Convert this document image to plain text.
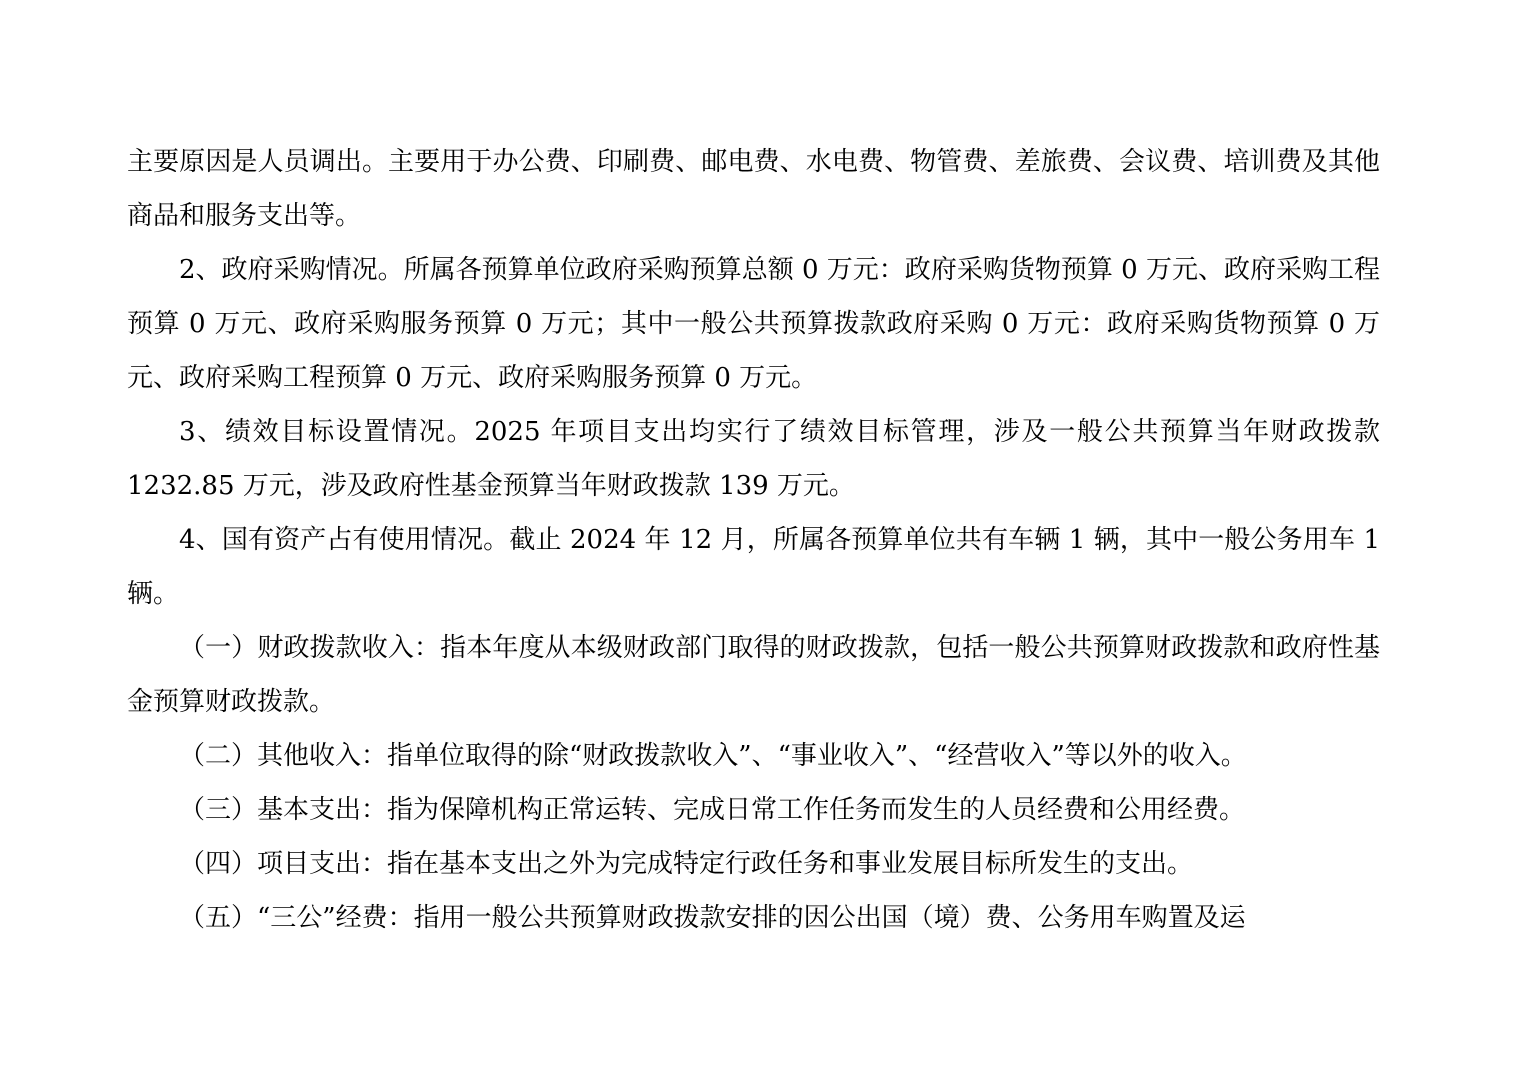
主要原因是人员调出。主要用于办公费、印刷费、邮电费、水电费、物管费、差旅费、会议费、培训费及其他商品和服务支出等。

2、政府采购情况。所属各预算单位政府采购预算总额 0 万元：政府采购货物预算 0 万元、政府采购工程预算 0 万元、政府采购服务预算 0 万元；其中一般公共预算拨款政府采购 0 万元：政府采购货物预算 0 万元、政府采购工程预算 0 万元、政府采购服务预算 0 万元。

3、绩效目标设置情况。2025 年项目支出均实行了绩效目标管理，涉及一般公共预算当年财政拨款 1232.85 万元，涉及政府性基金预算当年财政拨款 139 万元。

4、国有资产占有使用情况。截止 2024 年 12 月，所属各预算单位共有车辆 1 辆，其中一般公务用车 1 辆。

（一）财政拨款收入：指本年度从本级财政部门取得的财政拨款，包括一般公共预算财政拨款和政府性基金预算财政拨款。

（二）其他收入：指单位取得的除“财政拨款收入”、“事业收入”、“经营收入”等以外的收入。

（三）基本支出：指为保障机构正常运转、完成日常工作任务而发生的人员经费和公用经费。

（四）项目支出：指在基本支出之外为完成特定行政任务和事业发展目标所发生的支出。

（五）“三公”经费：指用一般公共预算财政拨款安排的因公出国（境）费、公务用车购置及运
